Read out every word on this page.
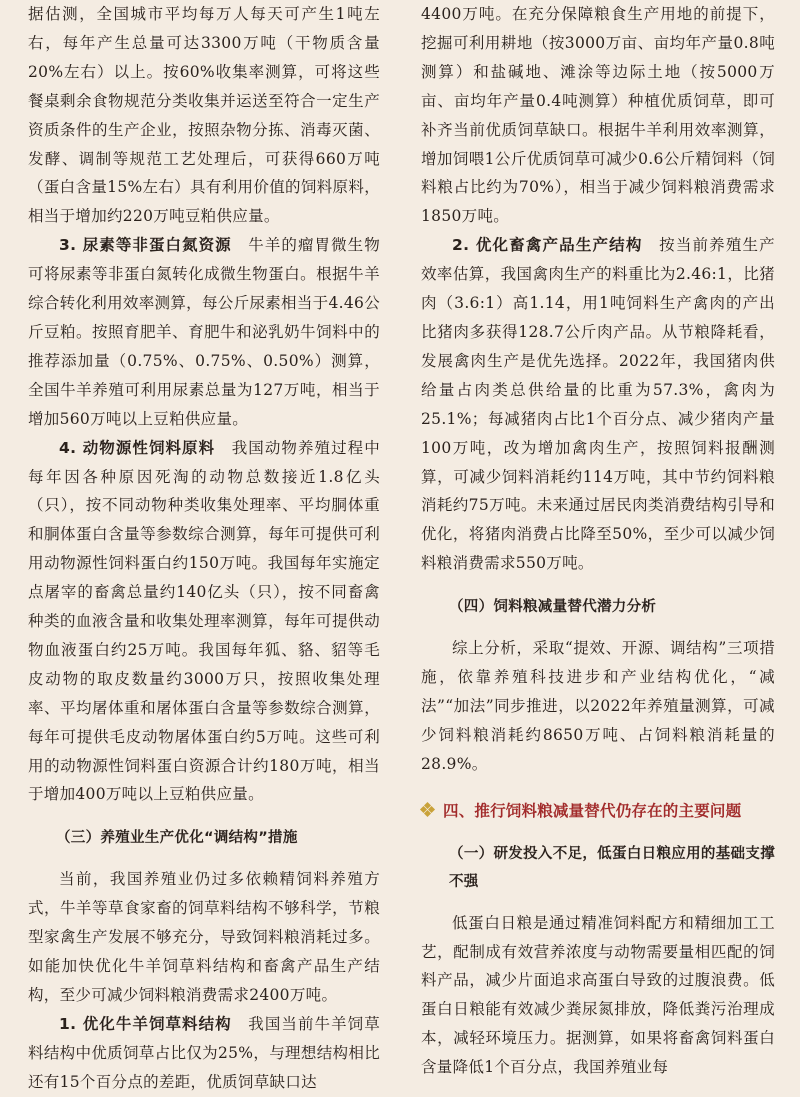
据估测，全国城市平均每万人每天可产生1吨左右，每年产生总量可达3300万吨（干物质含量20%左右）以上。按60%收集率测算，可将这些餐桌剩余食物规范分类收集并运送至符合一定生产资质条件的生产企业，按照杂物分拣、消毒灭菌、发酵、调制等规范工艺处理后，可获得660万吨（蛋白含量15%左右）具有利用价值的饲料原料，相当于增加约220万吨豆粕供应量。

3. 尿素等非蛋白氮资源　 牛羊的瘤胃微生物可将尿素等非蛋白氮转化成微生物蛋白。根据牛羊综合转化利用效率测算，每公斤尿素相当于4.46公斤豆粕。按照育肥羊、育肥牛和泌乳奶牛饲料中的推荐添加量（0.75%、0.75%、0.50%）测算，全国牛羊养殖可利用尿素总量为127万吨，相当于增加560万吨以上豆粕供应量。

4. 动物源性饲料原料　 我国动物养殖过程中每年因各种原因死淘的动物总数接近1.8亿头（只），按不同动物种类收集处理率、平均胴体重和胴体蛋白含量等参数综合测算，每年可提供可利用动物源性饲料蛋白约150万吨。我国每年实施定点屠宰的畜禽总量约140亿头（只），按不同畜禽种类的血液含量和收集处理率测算，每年可提供动物血液蛋白约25万吨。我国每年狐、貉、貂等毛皮动物的取皮数量约3000万只，按照收集处理率、平均屠体重和屠体蛋白含量等参数综合测算，每年可提供毛皮动物屠体蛋白约5万吨。这些可利用的动物源性饲料蛋白资源合计约180万吨，相当于增加400万吨以上豆粕供应量。

（三）养殖业生产优化“调结构”措施

当前，我国养殖业仍过多依赖精饲料养殖方式，牛羊等草食家畜的饲草料结构不够科学，节粮型家禽生产发展不够充分，导致饲料粮消耗过多。如能加快优化牛羊饲草料结构和畜禽产品生产结构，至少可减少饲料粮消费需求2400万吨。

1. 优化牛羊饲草料结构　 我国当前牛羊饲草料结构中优质饲草占比仅为25%，与理想结构相比还有15个百分点的差距，优质饲草缺口达

4400万吨。在充分保障粮食生产用地的前提下，挖掘可利用耕地（按3000万亩、亩均年产量0.8吨测算）和盐碱地、滩涂等边际土地（按5000万亩、亩均年产量0.4吨测算）种植优质饲草，即可补齐当前优质饲草缺口。根据牛羊利用效率测算，增加饲喂1公斤优质饲草可减少0.6公斤精饲料（饲料粮占比约为70%），相当于减少饲料粮消费需求1850万吨。

2. 优化畜禽产品生产结构　 按当前养殖生产效率估算，我国禽肉生产的料重比为2.46:1，比猪肉（3.6:1）高1.14，用1吨饲料生产禽肉的产出比猪肉多获得128.7公斤肉产品。从节粮降耗看，发展禽肉生产是优先选择。2022年，我国猪肉供给量占肉类总供给量的比重为57.3%，禽肉为25.1%；每减猪肉占比1个百分点、减少猪肉产量100万吨，改为增加禽肉生产，按照饲料报酬测算，可减少饲料消耗约114万吨，其中节约饲料粮消耗约75万吨。未来通过居民肉类消费结构引导和优化，将猪肉消费占比降至50%，至少可以减少饲料粮消费需求550万吨。

（四）饲料粮减量替代潜力分析

综上分析，采取“提效、开源、调结构”三项措施，依靠养殖科技进步和产业结构优化，“减法”“加法”同步推进，以2022年养殖量测算，可减少饲料粮消耗约8650万吨、占饲料粮消耗量的28.9%。

四、推行饲料粮减量替代仍存在的主要问题
（一）研发投入不足，低蛋白日粮应用的基础支撑不强

低蛋白日粮是通过精准饲料配方和精细加工工艺，配制成有效营养浓度与动物需要量相匹配的饲料产品，减少片面追求高蛋白导致的过腹浪费。低蛋白日粮能有效减少粪尿氮排放，降低粪污治理成本，减轻环境压力。据测算，如果将畜禽饲料蛋白含量降低1个百分点，我国养殖业每
